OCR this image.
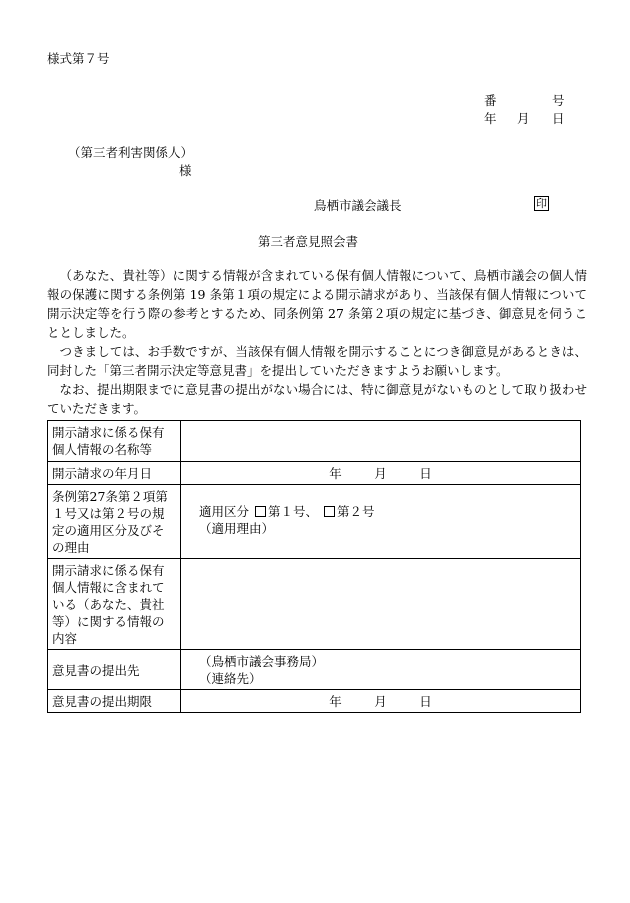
様式第７号
番	号
年 月 日
（第三者利害関係人）
様
鳥栖市議会議長	印
第三者意見照会書

（あなた、貴社等）に関する情報が含まれている保有個人情報について、鳥栖市議会の個人情報の保護に関する条例第 19 条第１項の規定による開示請求があり、当該保有個人情報について開示決定等を行う際の参考とするため、同条例第 27 条第２項の規定に基づき、御意見を伺うこととしました。

つきましては、お手数ですが、当該保有個人情報を開示することにつき御意見があるときは、同封した「第三者開示決定等意見書」を提出していただきますようお願いします。

なお、提出期限までに意見書の提出がない場合には、特に御意見がないものとして取り扱わせていただきます。

開示請求に係る保有個人情報の名称等	
開示請求の年月日	年 月 日
条例第27条第２項第１号又は第２号の規定の適用区分及びその理由	適用区分 第１号、 第２号
（適用理由）

開示請求に係る保有個人情報に含まれている（あなた、貴社等）に関する情報の内容	
意見書の提出先	（鳥栖市議会事務局）
（連絡先）

意見書の提出期限	年 月 日
